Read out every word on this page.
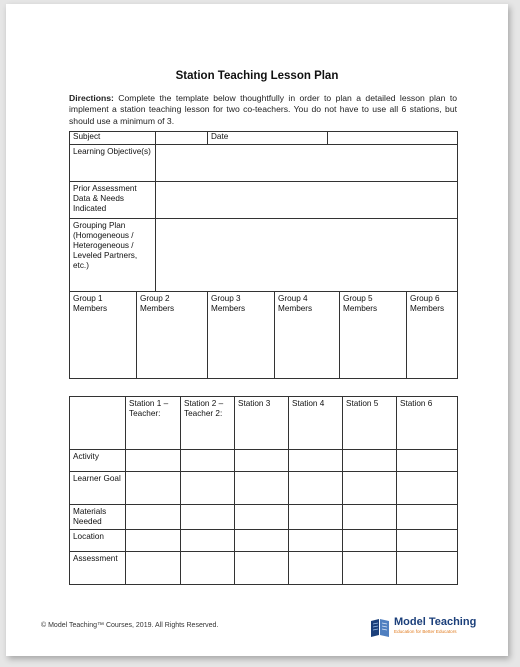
Station Teaching Lesson Plan
Directions: Complete the template below thoughtfully in order to plan a detailed lesson plan to implement a station teaching lesson for two co-teachers. You do not have to use all 6 stations, but should use a minimum of 3.
Subject		Date	
Learning Objective(s)			
Prior Assessment Data & Needs Indicated			
Grouping Plan (Homogeneous / Heterogeneous / Leveled Partners, etc.)			
Group 1 Members	Group 2 Members	Group 3 Members	Group 4 Members	Group 5 Members	Group 6 Members
	Station 1 – Teacher:	Station 2 – Teacher 2:	Station 3	Station 4	Station 5	Station 6
Activity						
Learner Goal						
Materials Needed						
Location						
Assessment						
© Model Teaching™ Courses, 2019. All Rights Reserved.	Model Teaching
Education for Better Educators
